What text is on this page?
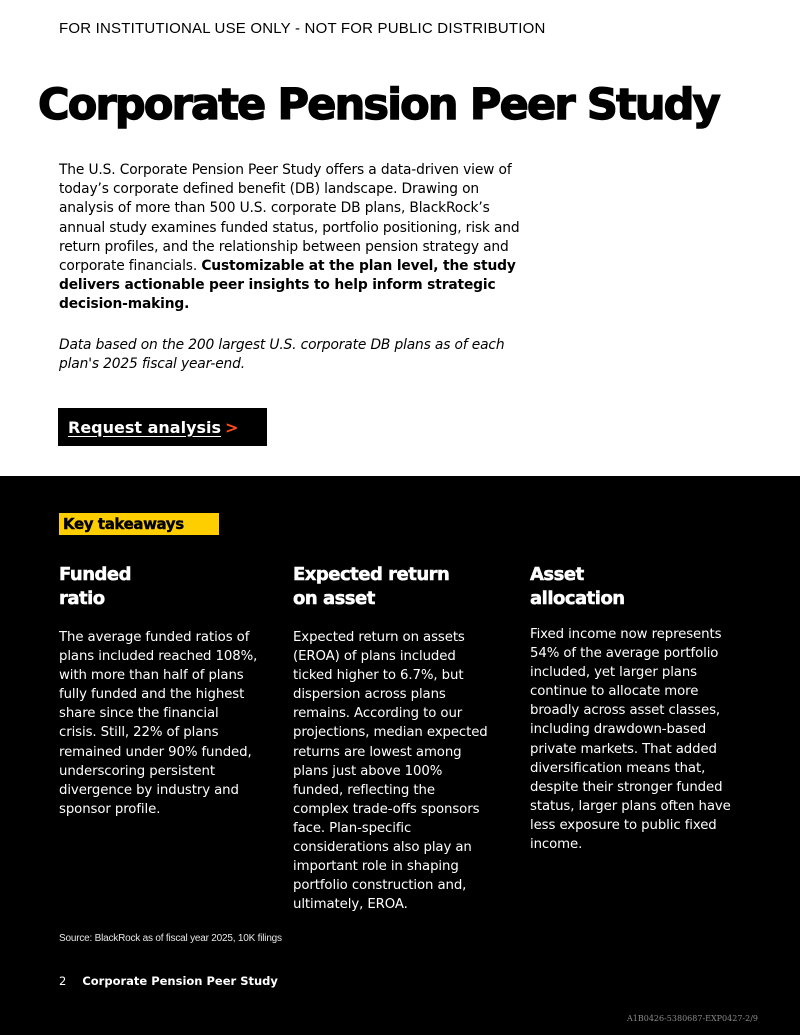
FOR INSTITUTIONAL USE ONLY - NOT FOR PUBLIC DISTRIBUTION
Corporate Pension Peer Study

The U.S. Corporate Pension Peer Study offers a data-driven view of today’s corporate defined benefit (DB) landscape. Drawing on analysis of more than 500 U.S. corporate DB plans, BlackRock’s annual study examines funded status, portfolio positioning, risk and return profiles, and the relationship between pension strategy and corporate financials. Customizable at the plan level, the study delivers actionable peer insights to help inform strategic decision-making.

Data based on the 200 largest U.S. corporate DB plans as of each plan's 2025 fiscal year-end.

Request analysis >
Key takeaways
Funded
ratio

The average funded ratios of plans included reached 108%, with more than half of plans fully funded and the highest share since the financial crisis. Still, 22% of plans remained under 90% funded, underscoring persistent divergence by industry and sponsor profile.

Expected return
on asset

Expected return on assets (EROA) of plans included ticked higher to 6.7%, but dispersion across plans remains. According to our projections, median expected returns are lowest among plans just above 100% funded, reflecting the complex trade-offs sponsors face. Plan-specific considerations also play an important role in shaping portfolio construction and, ultimately, EROA.

Asset
allocation

Fixed income now represents 54% of the average portfolio included, yet larger plans continue to allocate more broadly across asset classes, including drawdown-based private markets. That added diversification means that, despite their stronger funded status, larger plans often have less exposure to public fixed income.

Source: BlackRock as of fiscal year 2025, 10K filings
2 Corporate Pension Peer Study
A1B0426-5380687-EXP0427-2/9
